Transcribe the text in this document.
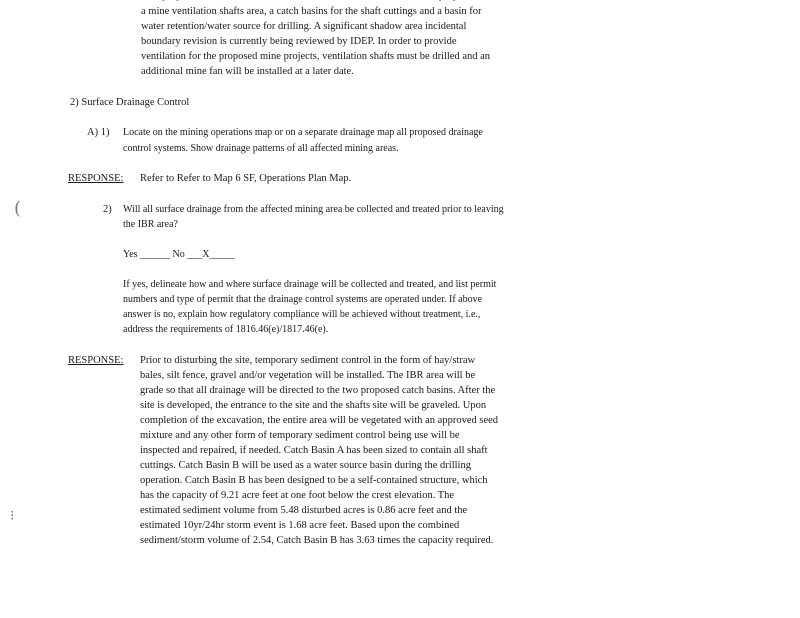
a mine ventilation shafts area, a catch basins for the shaft cuttings and a basin for
water retention/water source for drilling. A significant shadow area incidental
boundary revision is currently being reviewed by IDEP. In order to provide
ventilation for the proposed mine projects, ventilation shafts must be drilled and an
additional mine fan will be installed at a later date.
2) Surface Drainage Control
A) 1) Locate on the mining operations map or on a separate drainage map all proposed drainage
control systems. Show drainage patterns of all affected mining areas.
RESPONSE: Refer to Refer to Map 6 SF, Operations Plan Map.
(
⁝
2) Will all surface drainage from the affected mining area be collected and treated prior to leaving
the IBR area?
Yes ______ No ___X_____
If yes, delineate how and where surface drainage will be collected and treated, and list permit
numbers and type of permit that the drainage control systems are operated under. If above
answer is no, explain how regulatory compliance will be achieved without treatment, i.e.,
address the requirements of 1816.46(e)/1817.46(e).
RESPONSE: Prior to disturbing the site, temporary sediment control in the form of hay/straw
bales, silt fence, gravel and/or vegetation will be installed. The IBR area will be
grade so that all drainage will be directed to the two proposed catch basins. After the
site is developed, the entrance to the site and the shafts site will be graveled. Upon
completion of the excavation, the entire area will be vegetated with an approved seed
mixture and any other form of temporary sediment control being use will be
inspected and repaired, if needed. Catch Basin A has been sized to contain all shaft
cuttings. Catch Basin B will be used as a water source basin during the drilling
operation. Catch Basin B has been designed to be a self-contained structure, which
has the capacity of 9.21 acre feet at one foot below the crest elevation. The
estimated sediment volume from 5.48 disturbed acres is 0.86 acre feet and the
estimated 10yr/24hr storm event is 1.68 acre feet. Based upon the combined
sediment/storm volume of 2.54, Catch Basin B has 3.63 times the capacity required.
